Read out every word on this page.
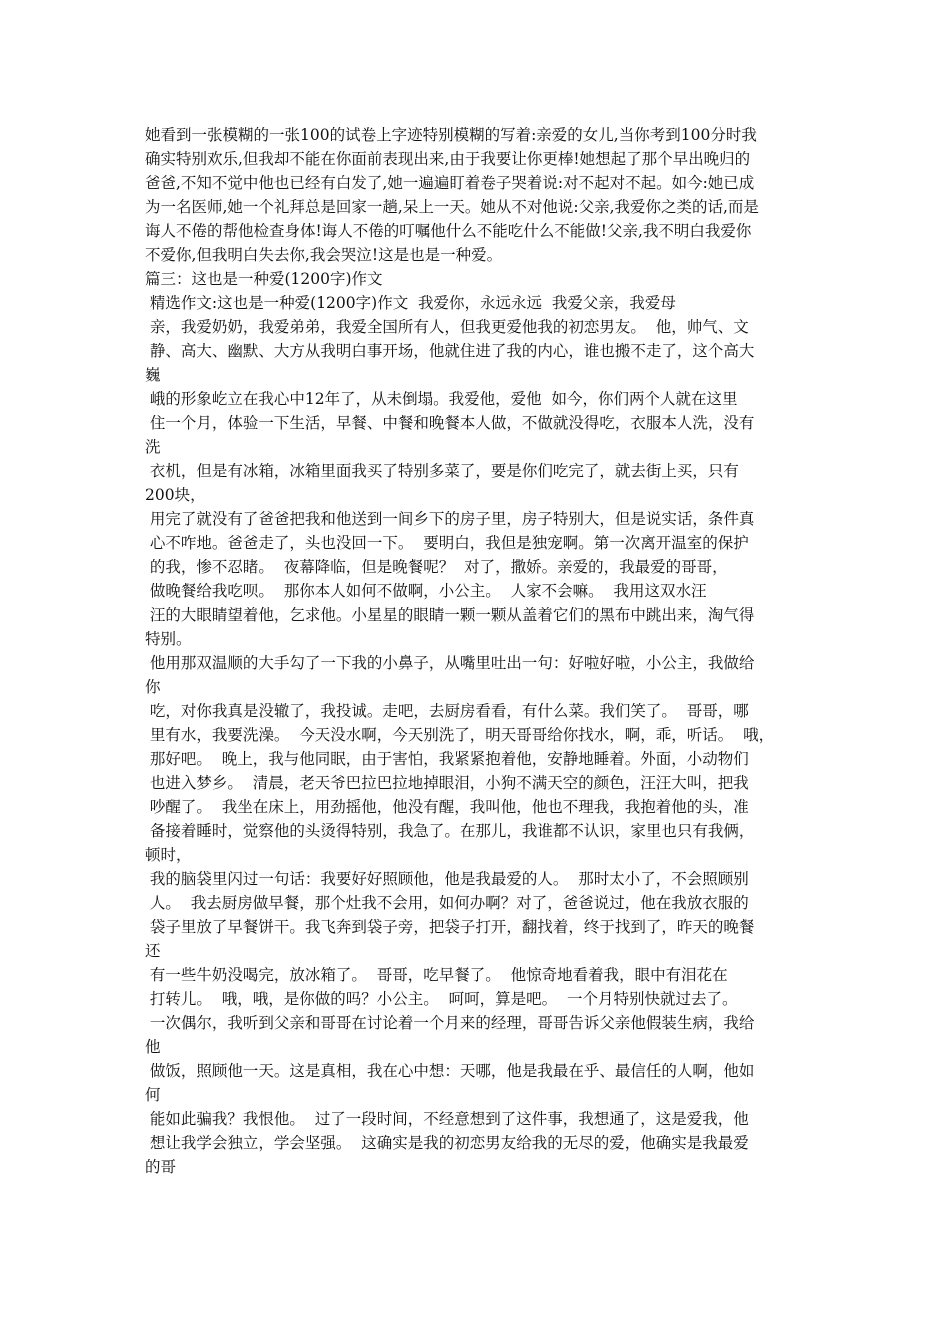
她看到一张模糊的一张100的试卷上字迹特别模糊的写着:亲爱的女儿,当你考到100分时我
确实特别欢乐,但我却不能在你面前表现出来,由于我要让你更棒!她想起了那个早出晚归的
爸爸,不知不觉中他也已经有白发了,她一遍遍盯着卷子哭着说:对不起对不起。如今:她已成
为一名医师,她一个礼拜总是回家一趟,呆上一天。她从不对他说:父亲,我爱你之类的话,而是
诲人不倦的帮他检查身体!诲人不倦的叮嘱他什么不能吃什么不能做!父亲,我不明白我爱你
不爱你,但我明白失去你,我会哭泣!这是也是一种爱。
篇三：这也是一种爱(1200字)作文
精选作文:这也是一种爱(1200字)作文  我爱你，永远永远  我爱父亲，我爱母
亲，我爱奶奶，我爱弟弟，我爱全国所有人，但我更爱他我的初恋男友。  他，帅气、文
静、高大、幽默、大方从我明白事开场，他就住进了我的内心，谁也搬不走了，这个高大
巍
峨的形象屹立在我心中12年了，从未倒塌。我爱他，爱他  如今，你们两个人就在这里
住一个月，体验一下生活，早餐、中餐和晚餐本人做，不做就没得吃，衣服本人洗，没有
洗
衣机，但是有冰箱，冰箱里面我买了特别多菜了，要是你们吃完了，就去街上买，只有
200块，
用完了就没有了爸爸把我和他送到一间乡下的房子里，房子特别大，但是说实话，条件真
心不咋地。爸爸走了，头也没回一下。  要明白，我但是独宠啊。第一次离开温室的保护
的我，惨不忍睹。  夜幕降临，但是晚餐呢？  对了，撒娇。亲爱的，我最爱的哥哥，
做晚餐给我吃呗。  那你本人如何不做啊，小公主。  人家不会嘛。  我用这双水汪
汪的大眼睛望着他，乞求他。小星星的眼睛一颗一颗从盖着它们的黑布中跳出来，淘气得
特别。
他用那双温顺的大手勾了一下我的小鼻子，从嘴里吐出一句：好啦好啦，小公主，我做给
你
吃，对你我真是没辙了，我投诚。走吧，去厨房看看，有什么菜。我们笑了。  哥哥，哪
里有水，我要洗澡。  今天没水啊，今天别洗了，明天哥哥给你找水，啊，乖，听话。  哦，
那好吧。  晚上，我与他同眠，由于害怕，我紧紧抱着他，安静地睡着。外面，小动物们
也进入梦乡。  清晨，老天爷巴拉巴拉地掉眼泪，小狗不满天空的颜色，汪汪大叫，把我
吵醒了。  我坐在床上，用劲摇他，他没有醒，我叫他，他也不理我，我抱着他的头，准
备接着睡时，觉察他的头烫得特别，我急了。在那儿，我谁都不认识，家里也只有我俩，
顿时，
我的脑袋里闪过一句话：我要好好照顾他，他是我最爱的人。  那时太小了，不会照顾别
人。  我去厨房做早餐，那个灶我不会用，如何办啊？对了，爸爸说过，他在我放衣服的
袋子里放了早餐饼干。我飞奔到袋子旁，把袋子打开，翻找着，终于找到了，昨天的晚餐
还
有一些牛奶没喝完，放冰箱了。  哥哥，吃早餐了。  他惊奇地看着我，眼中有泪花在
打转儿。  哦，哦，是你做的吗？小公主。  呵呵，算是吧。  一个月特别快就过去了。
一次偶尔，我听到父亲和哥哥在讨论着一个月来的经理，哥哥告诉父亲他假装生病，我给
他
做饭，照顾他一天。这是真相，我在心中想：天哪，他是我最在乎、最信任的人啊，他如
何
能如此骗我？我恨他。  过了一段时间，不经意想到了这件事，我想通了，这是爱我，他
想让我学会独立，学会坚强。  这确实是我的初恋男友给我的无尽的爱，他确实是我最爱
的哥
